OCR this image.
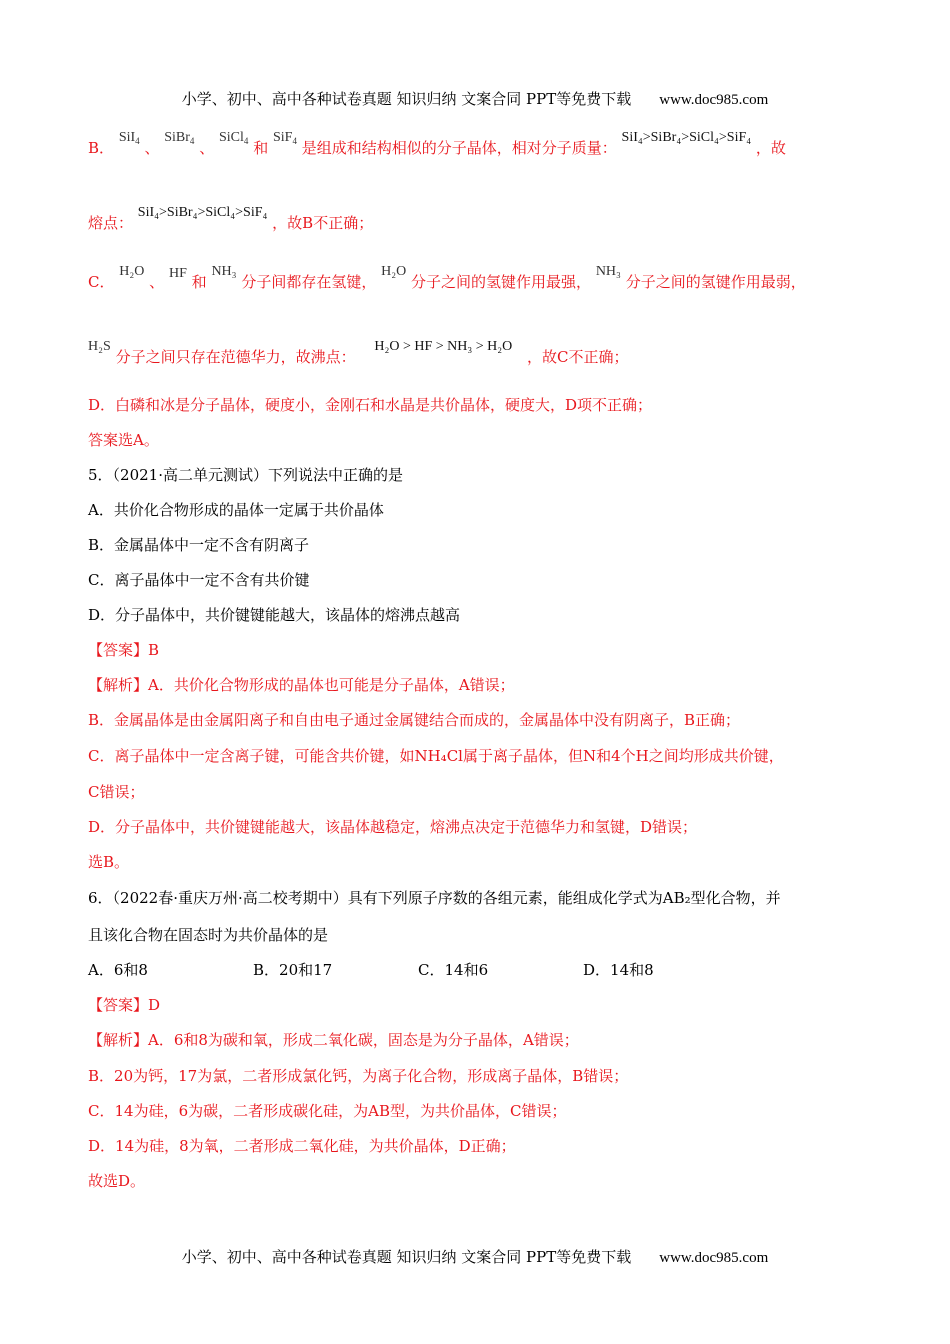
小学、初中、高中各种试卷真题 知识归纳 文案合同 PPT等免费下载 www.doc985.com
B． SiI$_4$ 、 SiBr$_4$ 、 SiCl$_4$ 和 SiF$_4$ 是组成和结构相似的分子晶体，相对分子质量： SiI₄>SiBr₄>SiCl₄>SiF₄ ，故
熔点： SiI₄>SiBr₄>SiCl₄>SiF₄ ，故B不正确；
C． H₂O 、 HF 和 NH₃ 分子间都存在氢键， H₂O 分子之间的氢键作用最强， NH₃ 分子之间的氢键作用最弱，
H₂S 分子之间只存在范德华力，故沸点： H₂O > HF > NH₃ > H₂O ，故C不正确；
D．白磷和冰是分子晶体，硬度小，金刚石和水晶是共价晶体，硬度大，D项不正确；
答案选A。
5．（2021·高二单元测试）下列说法中正确的是
A．共价化合物形成的晶体一定属于共价晶体
B．金属晶体中一定不含有阴离子
C．离子晶体中一定不含有共价键
D．分子晶体中，共价键键能越大，该晶体的熔沸点越高
【答案】B
【解析】A．共价化合物形成的晶体也可能是分子晶体，A错误；
B．金属晶体是由金属阳离子和自由电子通过金属键结合而成的，金属晶体中没有阴离子，B正确；
C．离子晶体中一定含离子键，可能含共价键，如NH₄Cl属于离子晶体，但N和4个H之间均形成共价键，
C错误；
D．分子晶体中，共价键键能越大，该晶体越稳定，熔沸点决定于范德华力和氢键，D错误；
选B。
6．（2022春·重庆万州·高二校考期中）具有下列原子序数的各组元素，能组成化学式为AB₂型化合物，并
且该化合物在固态时为共价晶体的是
A．6和8	B．20和17	C．14和6	D．14和8
【答案】D
【解析】A．6和8为碳和氧，形成二氧化碳，固态是为分子晶体，A错误；
B．20为钙，17为氯，二者形成氯化钙，为离子化合物，形成离子晶体，B错误；
C．14为硅，6为碳，二者形成碳化硅，为AB型，为共价晶体，C错误；
D．14为硅，8为氧，二者形成二氧化硅，为共价晶体，D正确；
故选D。
小学、初中、高中各种试卷真题 知识归纳 文案合同 PPT等免费下载 www.doc985.com
